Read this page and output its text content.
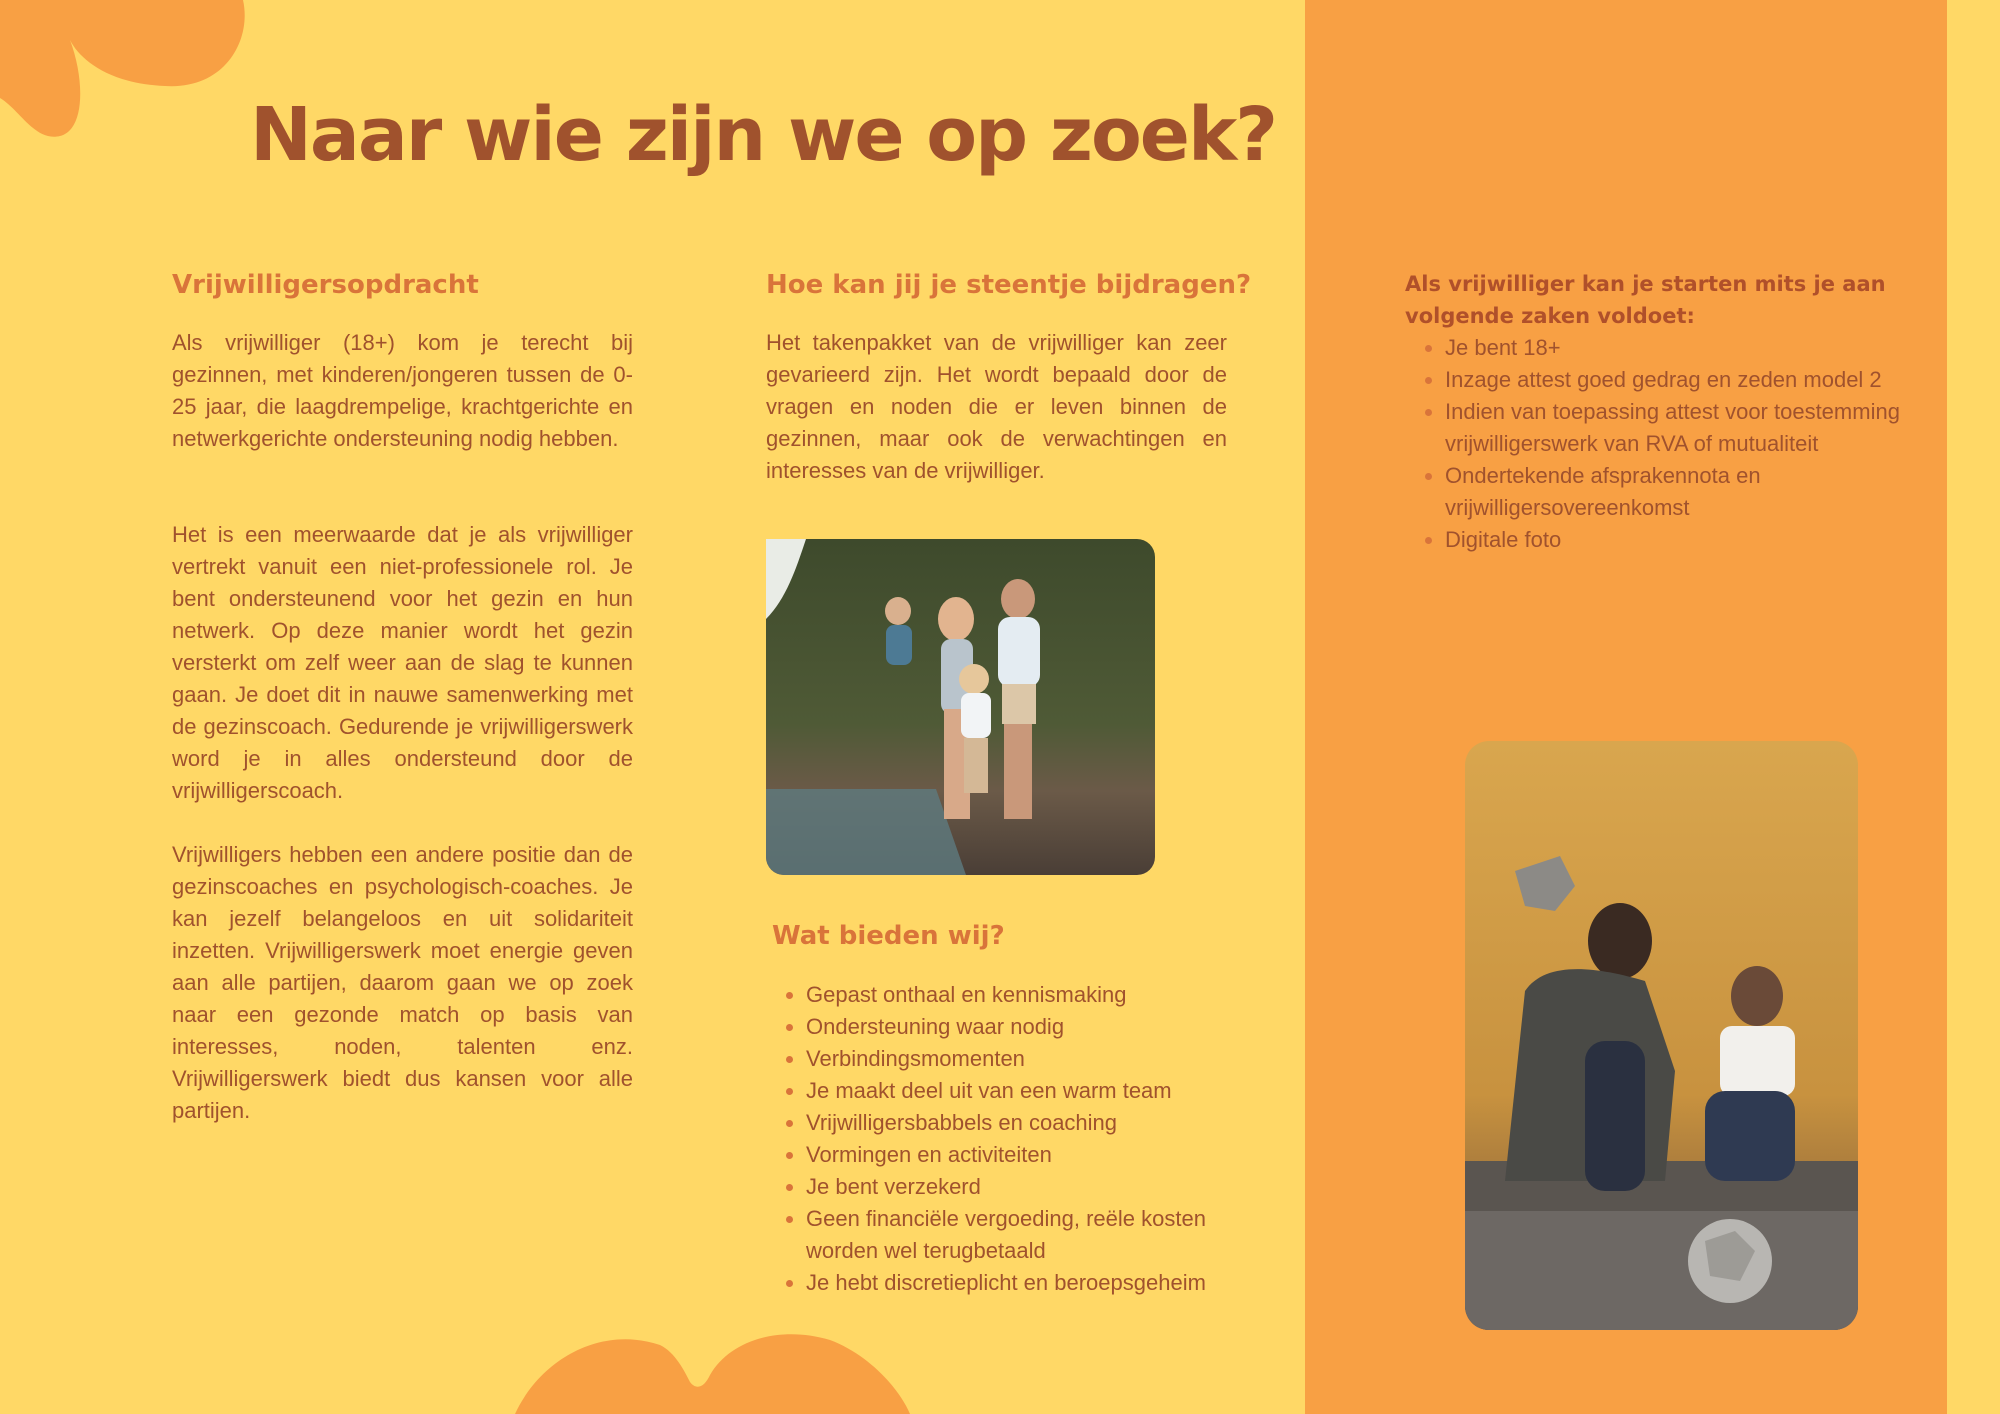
Naar wie zijn we op zoek?
Vrijwilligersopdracht

Als vrijwilliger (18+) kom je terecht bij gezinnen, met kinderen/jongeren tussen de 0-25 jaar, die laagdrempelige, krachtgerichte en netwerkgerichte ondersteuning nodig hebben.

Het is een meerwaarde dat je als vrijwilliger vertrekt vanuit een niet-professionele rol. Je bent ondersteunend voor het gezin en hun netwerk. Op deze manier wordt het gezin versterkt om zelf weer aan de slag te kunnen gaan. Je doet dit in nauwe samenwerking met de gezinscoach. Gedurende je vrijwilligerswerk word je in alles ondersteund door de vrijwilligerscoach.

Vrijwilligers hebben een andere positie dan de gezinscoaches en psychologisch-coaches. Je kan jezelf belangeloos en uit solidariteit inzetten. Vrijwilligerswerk moet energie geven aan alle partijen, daarom gaan we op zoek naar een gezonde match op basis van interesses, noden, talenten enz. Vrijwilligerswerk biedt dus kansen voor alle partijen.

Hoe kan jij je steentje bijdragen?

Het takenpakket van de vrijwilliger kan zeer gevarieerd zijn. Het wordt bepaald door de vragen en noden die er leven binnen de gezinnen, maar ook de verwachtingen en interesses van de vrijwilliger.

Wat bieden wij?
• Gepast onthaal en kennismaking
• Ondersteuning waar nodig
• Verbindingsmomenten
• Je maakt deel uit van een warm team
• Vrijwilligersbabbels en coaching
• Vormingen en activiteiten
• Je bent verzekerd
• Geen financiële vergoeding, reële kosten worden wel terugbetaald
• Je hebt discretieplicht en beroepsgeheim

Als vrijwilliger kan je starten mits je aan volgende zaken voldoet:

• Je bent 18+
• Inzage attest goed gedrag en zeden model 2
• Indien van toepassing attest voor toestemming vrijwilligerswerk van RVA of mutualiteit
• Ondertekende afsprakennota en vrijwilligersovereenkomst
• Digitale foto
